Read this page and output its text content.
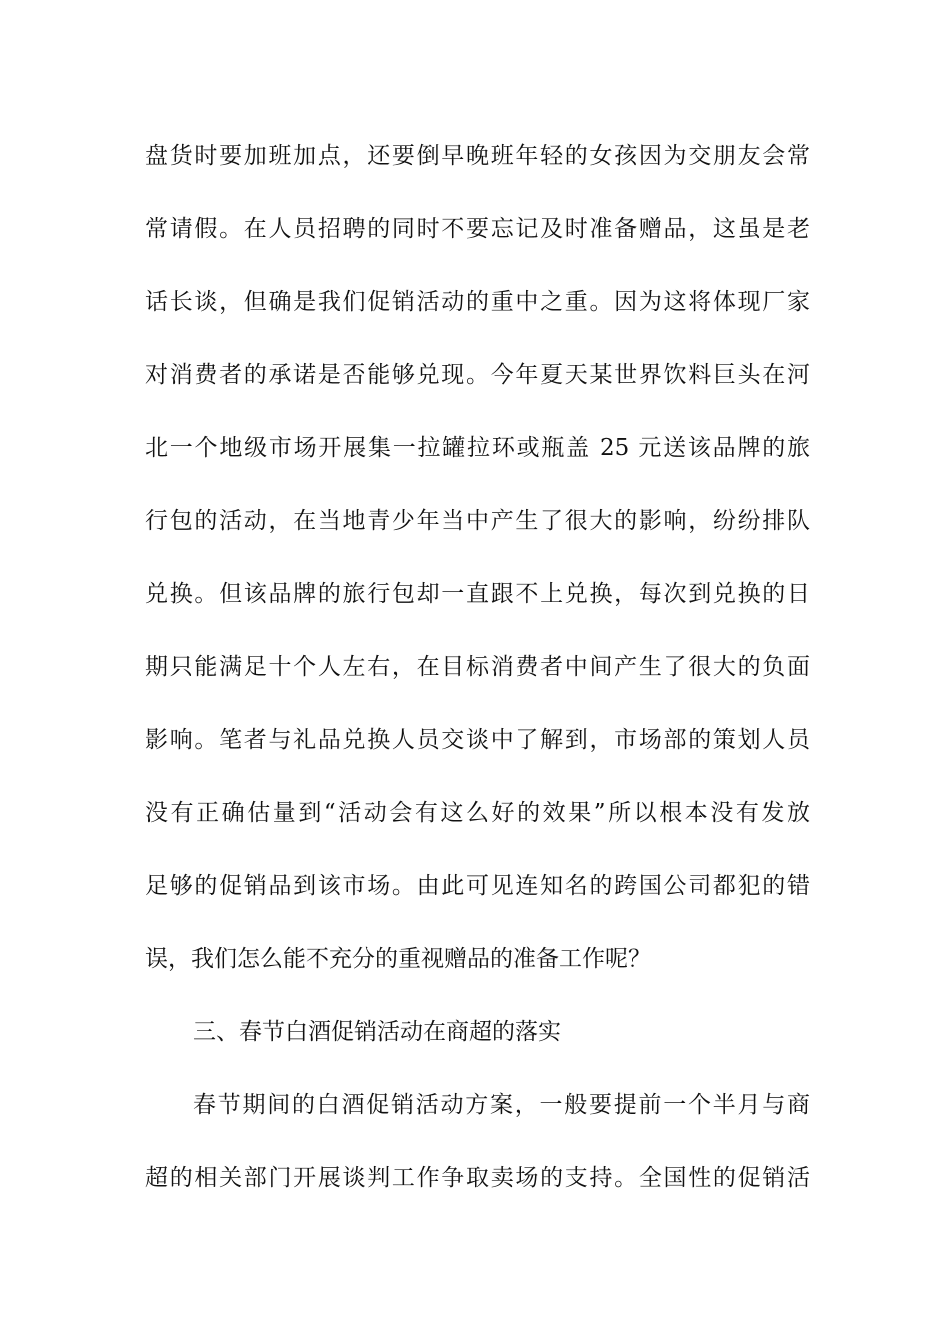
盘货时要加班加点，还要倒早晚班年轻的女孩因为交朋友会常
常请假。在人员招聘的同时不要忘记及时准备赠品，这虽是老
话长谈，但确是我们促销活动的重中之重。因为这将体现厂家
对消费者的承诺是否能够兑现。今年夏天某世界饮料巨头在河
北一个地级市场开展集一拉罐拉环或瓶盖 25 元送该品牌的旅
行包的活动，在当地青少年当中产生了很大的影响，纷纷排队
兑换。但该品牌的旅行包却一直跟不上兑换，每次到兑换的日
期只能满足十个人左右，在目标消费者中间产生了很大的负面
影响。笔者与礼品兑换人员交谈中了解到，市场部的策划人员
没有正确估量到“活动会有这么好的效果”所以根本没有发放
足够的促销品到该市场。由此可见连知名的跨国公司都犯的错
误，我们怎么能不充分的重视赠品的准备工作呢？
三、春节白酒促销活动在商超的落实
春节期间的白酒促销活动方案，一般要提前一个半月与商
超的相关部门开展谈判工作争取卖场的支持。全国性的促销活
